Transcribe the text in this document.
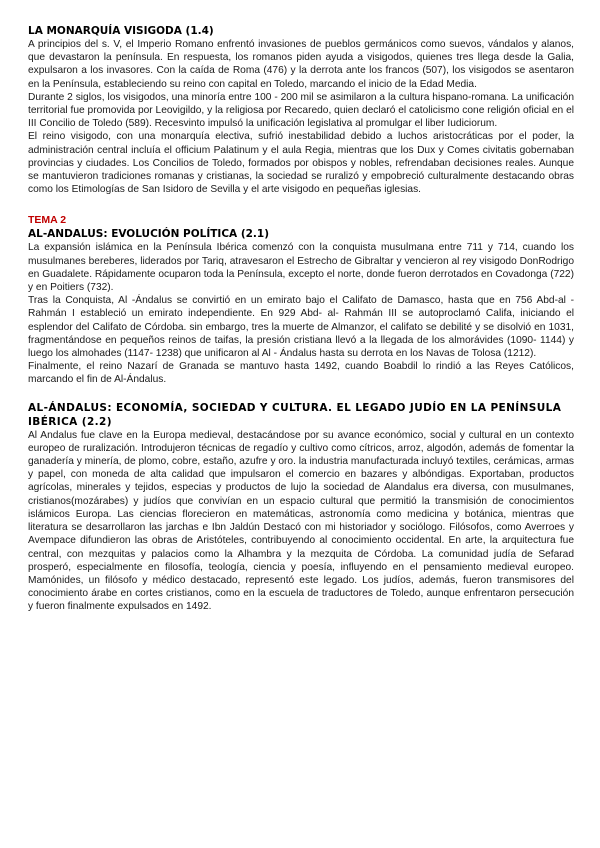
LA MONARQUÍA VISIGODA (1.4)

A principios del s. V, el Imperio Romano enfrentó invasiones de pueblos germánicos como suevos, vándalos y alanos, que devastaron la península. En respuesta, los romanos piden ayuda a visigodos, quienes tres llega desde la Galia, expulsaron a los invasores. Con la caída de Roma (476) y la derrota ante los francos (507), los visigodos se asentaron en la Península, estableciendo su reino con capital en Toledo, marcando el inicio de la Edad Media.

Durante 2 siglos, los visigodos, una minoría entre 100 - 200 mil se asimilaron a la cultura hispano-romana. La unificación territorial fue promovida por Leovigildo, y la religiosa por Recaredo, quien declaró el catolicismo cone religión oficial en el III Concilio de Toledo (589). Recesvinto impulsó la unificación legislativa al promulgar el liber Iudiciorum.

El reino visigodo, con una monarquía electiva, sufrió inestabilidad debido a luchos aristocráticas por el poder, la administración central incluía el officium Palatinum y el aula Regia, mientras que los Dux y Comes civitatis gobernaban provincias y ciudades. Los Concilios de Toledo, formados por obispos y nobles, refrendaban decisiones reales. Aunque se mantuvieron tradiciones romanas y cristianas, la sociedad se ruralizó y empobreció culturalmente destacando obras como los Etimologías de San Isidoro de Sevilla y el arte visigodo en pequeñas iglesias.

TEMA 2
AL-ANDALUS: EVOLUCIÓN POLÍTICA (2.1)

La expansión islámica en la Península Ibérica comenzó con la conquista musulmana entre 711 y 714, cuando los musulmanes bereberes, liderados por Tariq, atravesaron el Estrecho de Gibraltar y vencieron al rey visigodo DonRodrigo en Guadalete. Rápidamente ocuparon toda la Península, excepto el norte, donde fueron derrotados en Covadonga (722) y en Poitiers (732).

Tras la Conquista, Al -Ándalus se convirtió en un emirato bajo el Califato de Damasco, hasta que en 756 Abd-al - Rahmán I estableció un emirato independiente. En 929 Abd- al- Rahmán III se autoproclamó Califa, iniciando el esplendor del Califato de Córdoba. sin embargo, tres la muerte de Almanzor, el califato se debilité y se disolvió en 1031, fragmentándose en pequeños reinos de taifas, la presión cristiana llevó a la llegada de los almorávides (1090- 1144) y luego los almohades (1147- 1238) que unificaron al Al - Ándalus hasta su derrota en los Navas de Tolosa (1212).

Finalmente, el reino Nazarí de Granada se mantuvo hasta 1492, cuando Boabdil lo rindió a las Reyes Católicos, marcando el fin de Al-Ándalus.

AL-ÁNDALUS: ECONOMÍA, SOCIEDAD Y CULTURA. EL LEGADO JUDÍO EN LA PENÍNSULA IBÉRICA (2.2)

Al Andalus fue clave en la Europa medieval, destacándose por su avance económico, social y cultural en un contexto europeo de ruralización. Introdujeron técnicas de regadío y cultivo como cítricos, arroz, algodón, además de fomentar la ganadería y minería, de plomo, cobre, estaño, azufre y oro. la industria manufacturada incluyó textiles, cerámicas, armas y papel, con moneda de alta calidad que impulsaron el comercio en bazares y albóndigas. Exportaban, productos agrícolas, minerales y tejidos, especias y productos de lujo la sociedad de Alandalus era diversa, con musulmanes, cristianos(mozárabes) y judíos que convivían en un espacio cultural que permitió la transmisión de conocimientos islámicos Europa. Las ciencias florecieron en matemáticas, astronomía como medicina y botánica, mientras que literatura se desarrollaron las jarchas e Ibn Jaldún Destacó con mi historiador y sociólogo. Filósofos, como Averroes y Avempace difundieron las obras de Aristóteles, contribuyendo al conocimiento occidental. En arte, la arquitectura fue central, con mezquitas y palacios como la Alhambra y la mezquita de Córdoba. La comunidad judía de Sefarad prosperó, especialmente en filosofía, teología, ciencia y poesía, influyendo en el pensamiento medieval europeo. Mamónides, un filósofo y médico destacado, representó este legado. Los judíos, además, fueron transmisores del conocimiento árabe en cortes cristianos, como en la escuela de traductores de Toledo, aunque enfrentaron persecución y fueron finalmente expulsados en 1492.
